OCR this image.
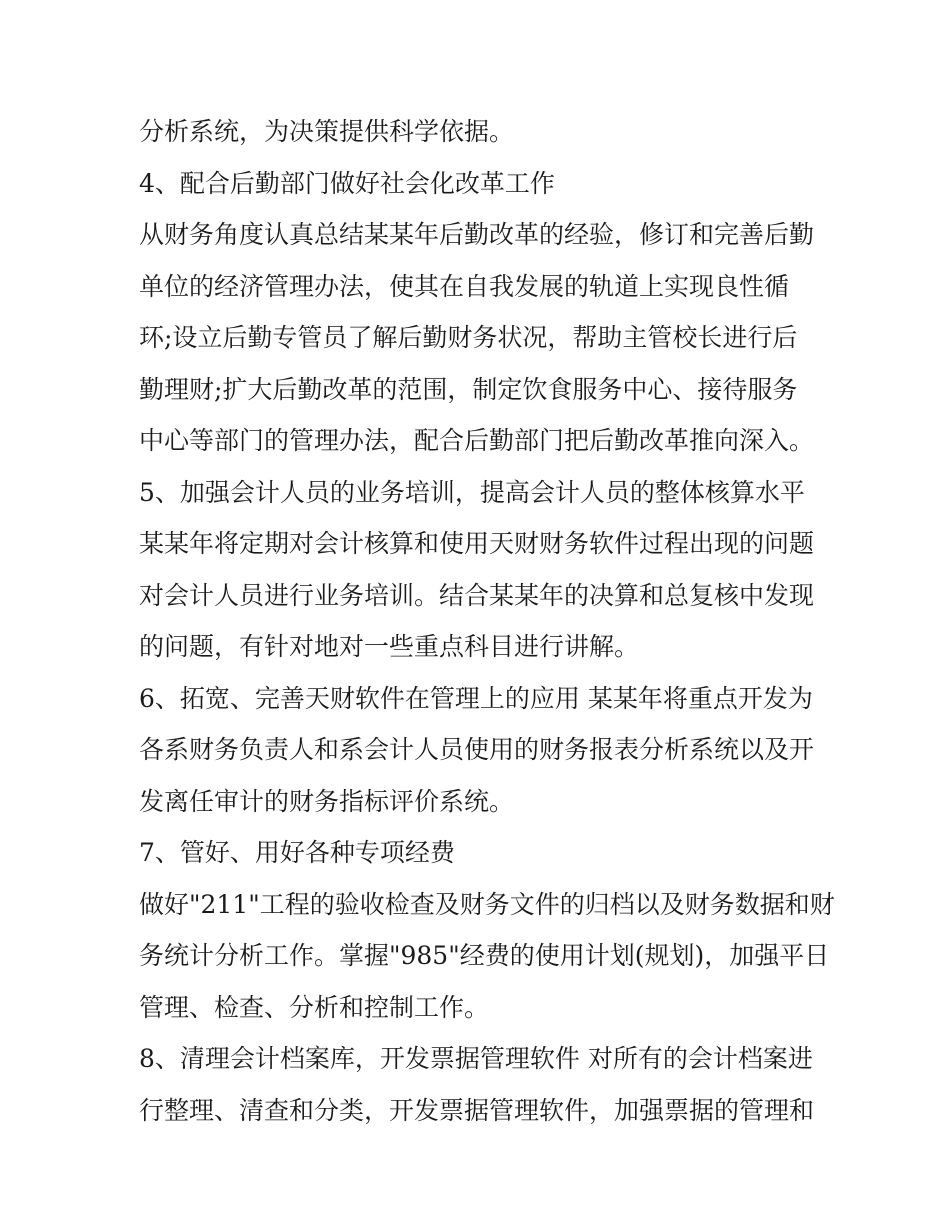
分析系统，为决策提供科学依据。
4、配合后勤部门做好社会化改革工作
从财务角度认真总结某某年后勤改革的经验，修订和完善后勤
单位的经济管理办法，使其在自我发展的轨道上实现良性循
环;设立后勤专管员了解后勤财务状况，帮助主管校长进行后
勤理财;扩大后勤改革的范围，制定饮食服务中心、接待服务
中心等部门的管理办法，配合后勤部门把后勤改革推向深入。
5、加强会计人员的业务培训，提高会计人员的整体核算水平
某某年将定期对会计核算和使用天财财务软件过程出现的问题
对会计人员进行业务培训。结合某某年的决算和总复核中发现
的问题，有针对地对一些重点科目进行讲解。
6、拓宽、完善天财软件在管理上的应用 某某年将重点开发为
各系财务负责人和系会计人员使用的财务报表分析系统以及开
发离任审计的财务指标评价系统。
7、管好、用好各种专项经费
做好"211"工程的验收检查及财务文件的归档以及财务数据和财
务统计分析工作。掌握"985"经费的使用计划(规划)，加强平日
管理、检查、分析和控制工作。
8、清理会计档案库，开发票据管理软件 对所有的会计档案进
行整理、清查和分类，开发票据管理软件，加强票据的管理和
